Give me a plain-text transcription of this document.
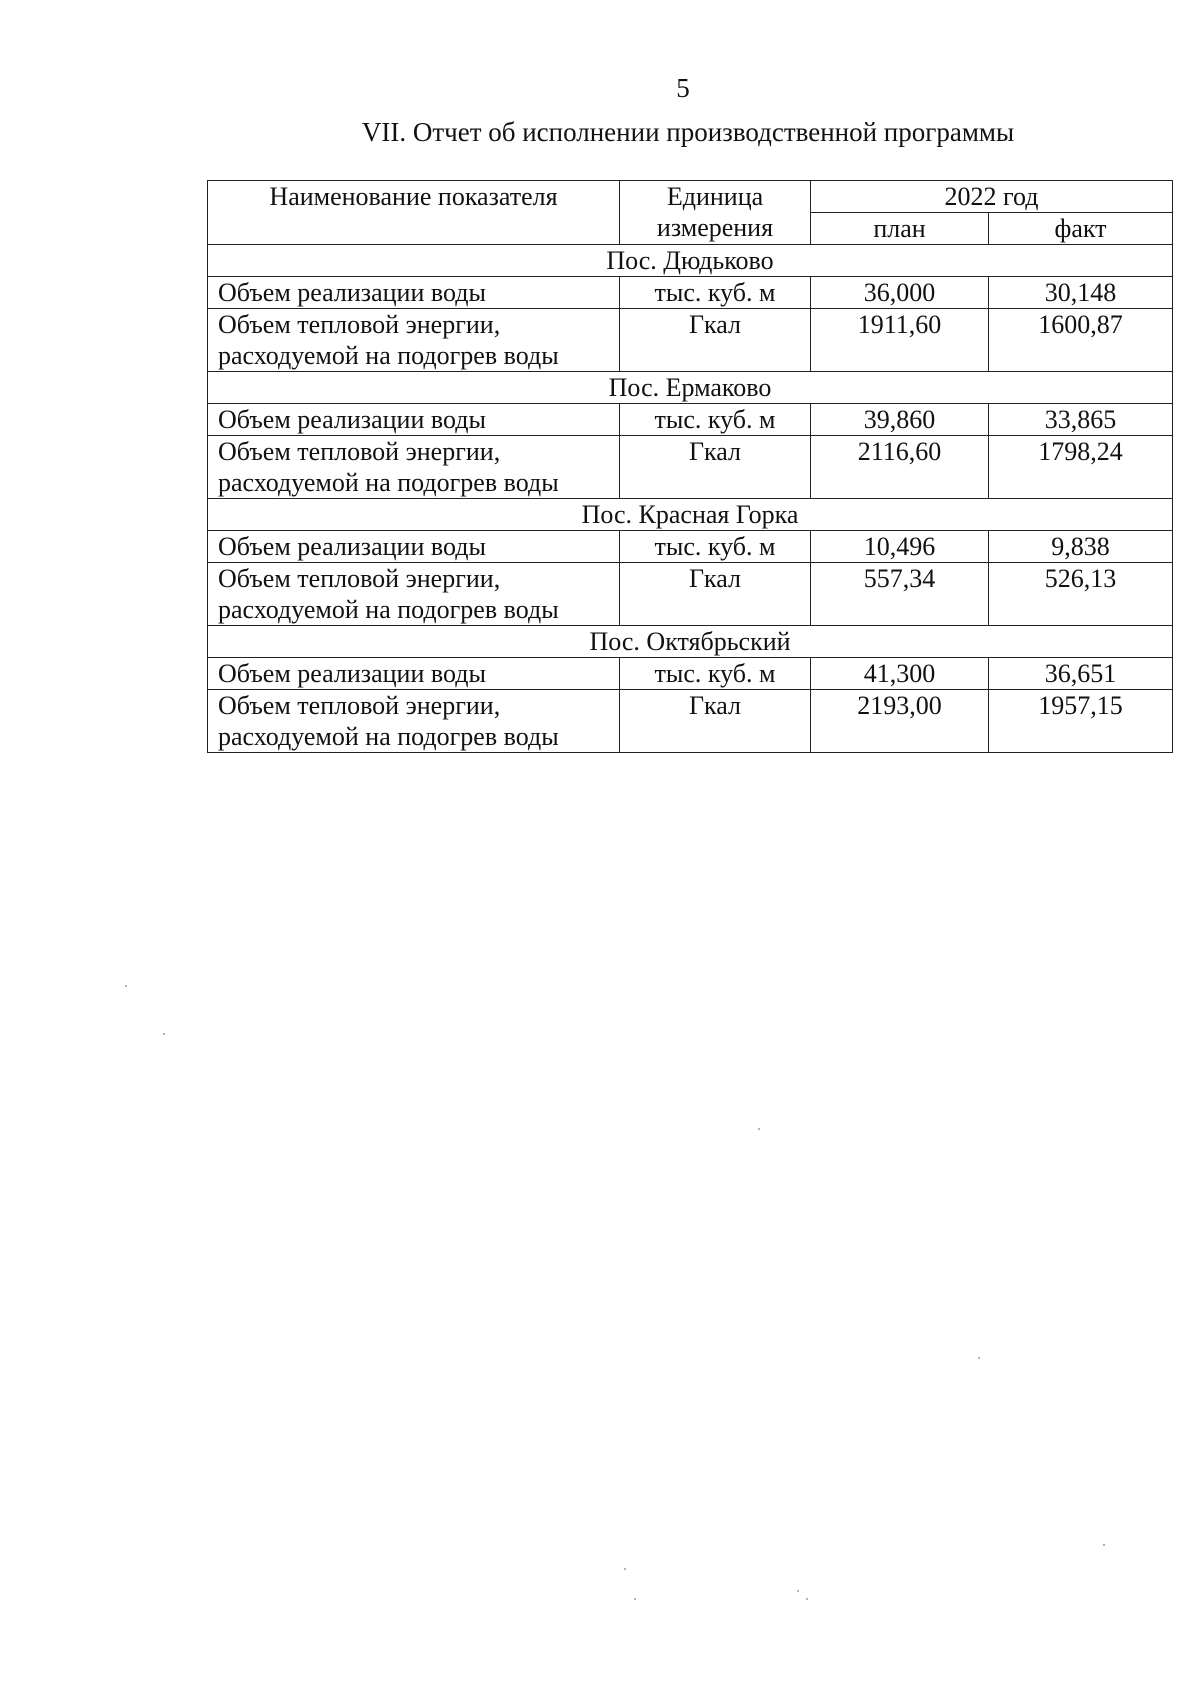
5
VII. Отчет об исполнении производственной программы
Наименование показателя	Единица измерения	2022 год	
		план	факт
Пос. Дюдьково			
Объем реализации воды	тыс. куб. м	36,000	30,148
Объем тепловой энергии, расходуемой на подогрев воды	Гкал	1911,60	1600,87
Пос. Ермаково			
Объем реализации воды	тыс. куб. м	39,860	33,865
Объем тепловой энергии, расходуемой на подогрев воды	Гкал	2116,60	1798,24
Пос. Красная Горка			
Объем реализации воды	тыс. куб. м	10,496	9,838
Объем тепловой энергии, расходуемой на подогрев воды	Гкал	557,34	526,13
Пос. Октябрьский			
Объем реализации воды	тыс. куб. м	41,300	36,651
Объем тепловой энергии, расходуемой на подогрев воды	Гкал	2193,00	1957,15
